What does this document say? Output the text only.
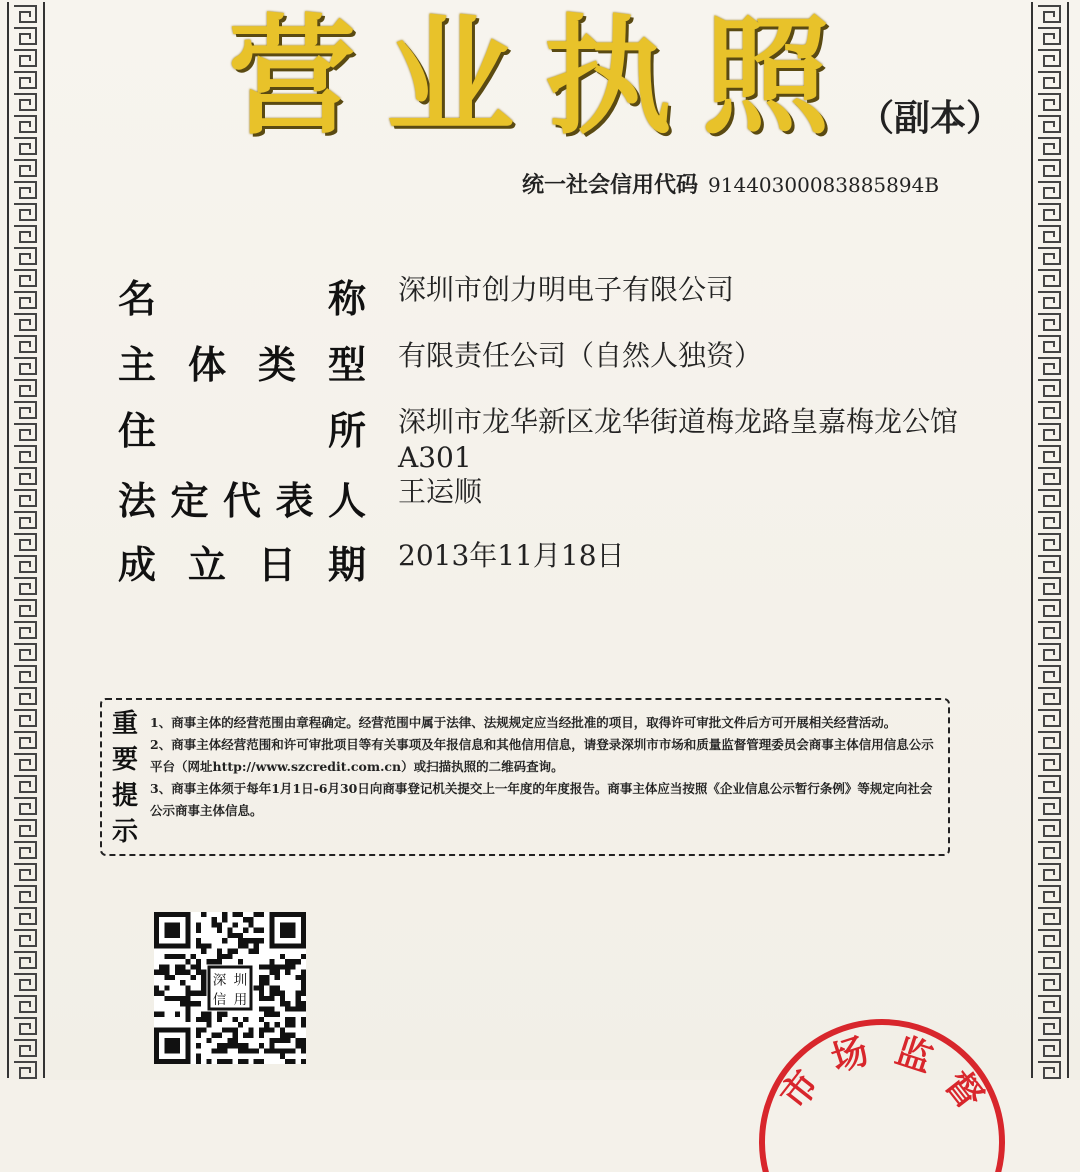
营业执照
（副本）
统一社会信用代码 91440300083885894B
名	称 深圳市创力明电子有限公司
主 体 类 型 有限责任公司（自然人独资）
住	所 深圳市龙华新区龙华街道梅龙路皇嘉梅龙公馆A301
法 定 代 表 人 王运顺
成 立 日 期 2013年11月18日
重
要
提
示

1、商事主体的经营范围由章程确定。经营范围中属于法律、法规规定应当经批准的项目，取得许可审批文件后方可开展相关经营活动。

2、商事主体经营范围和许可审批项目等有关事项及年报信息和其他信用信息，请登录深圳市市场和质量监督管理委员会商事主体信用信息公示平台（网址http://www.szcredit.com.cn）或扫描执照的二维码查询。

3、商事主体须于每年1月1日-6月30日向商事登记机关提交上一年度的年度报告。商事主体应当按照《企业信息公示暂行条例》等规定向社会公示商事主体信息。

深	圳
信	用
市
场 监
督
